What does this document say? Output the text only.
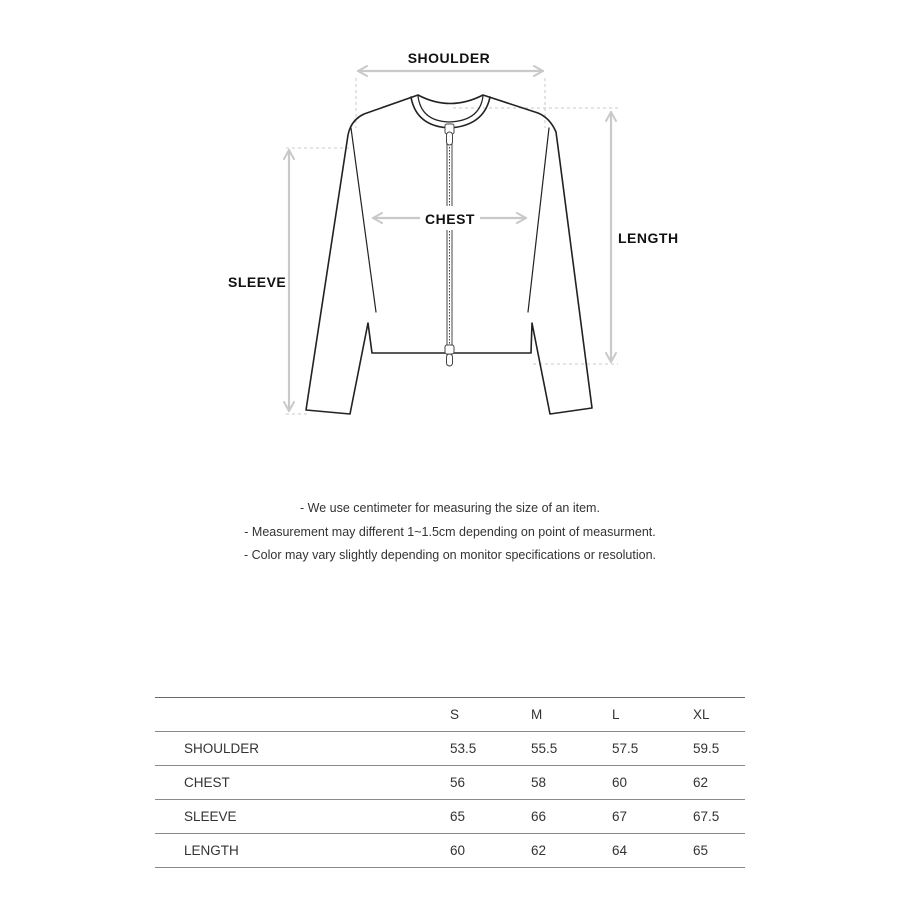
SHOULDER
CHEST
LENGTH
SLEEVE
- We use centimeter for measuring the size of an item.
- Measurement may different 1~1.5cm depending on point of measurment.
- Color may vary slightly depending on monitor specifications or resolution.
	S	M	L	XL
SHOULDER	53.5	55.5	57.5	59.5
CHEST	56	58	60	62
SLEEVE	65	66	67	67.5
LENGTH	60	62	64	65
